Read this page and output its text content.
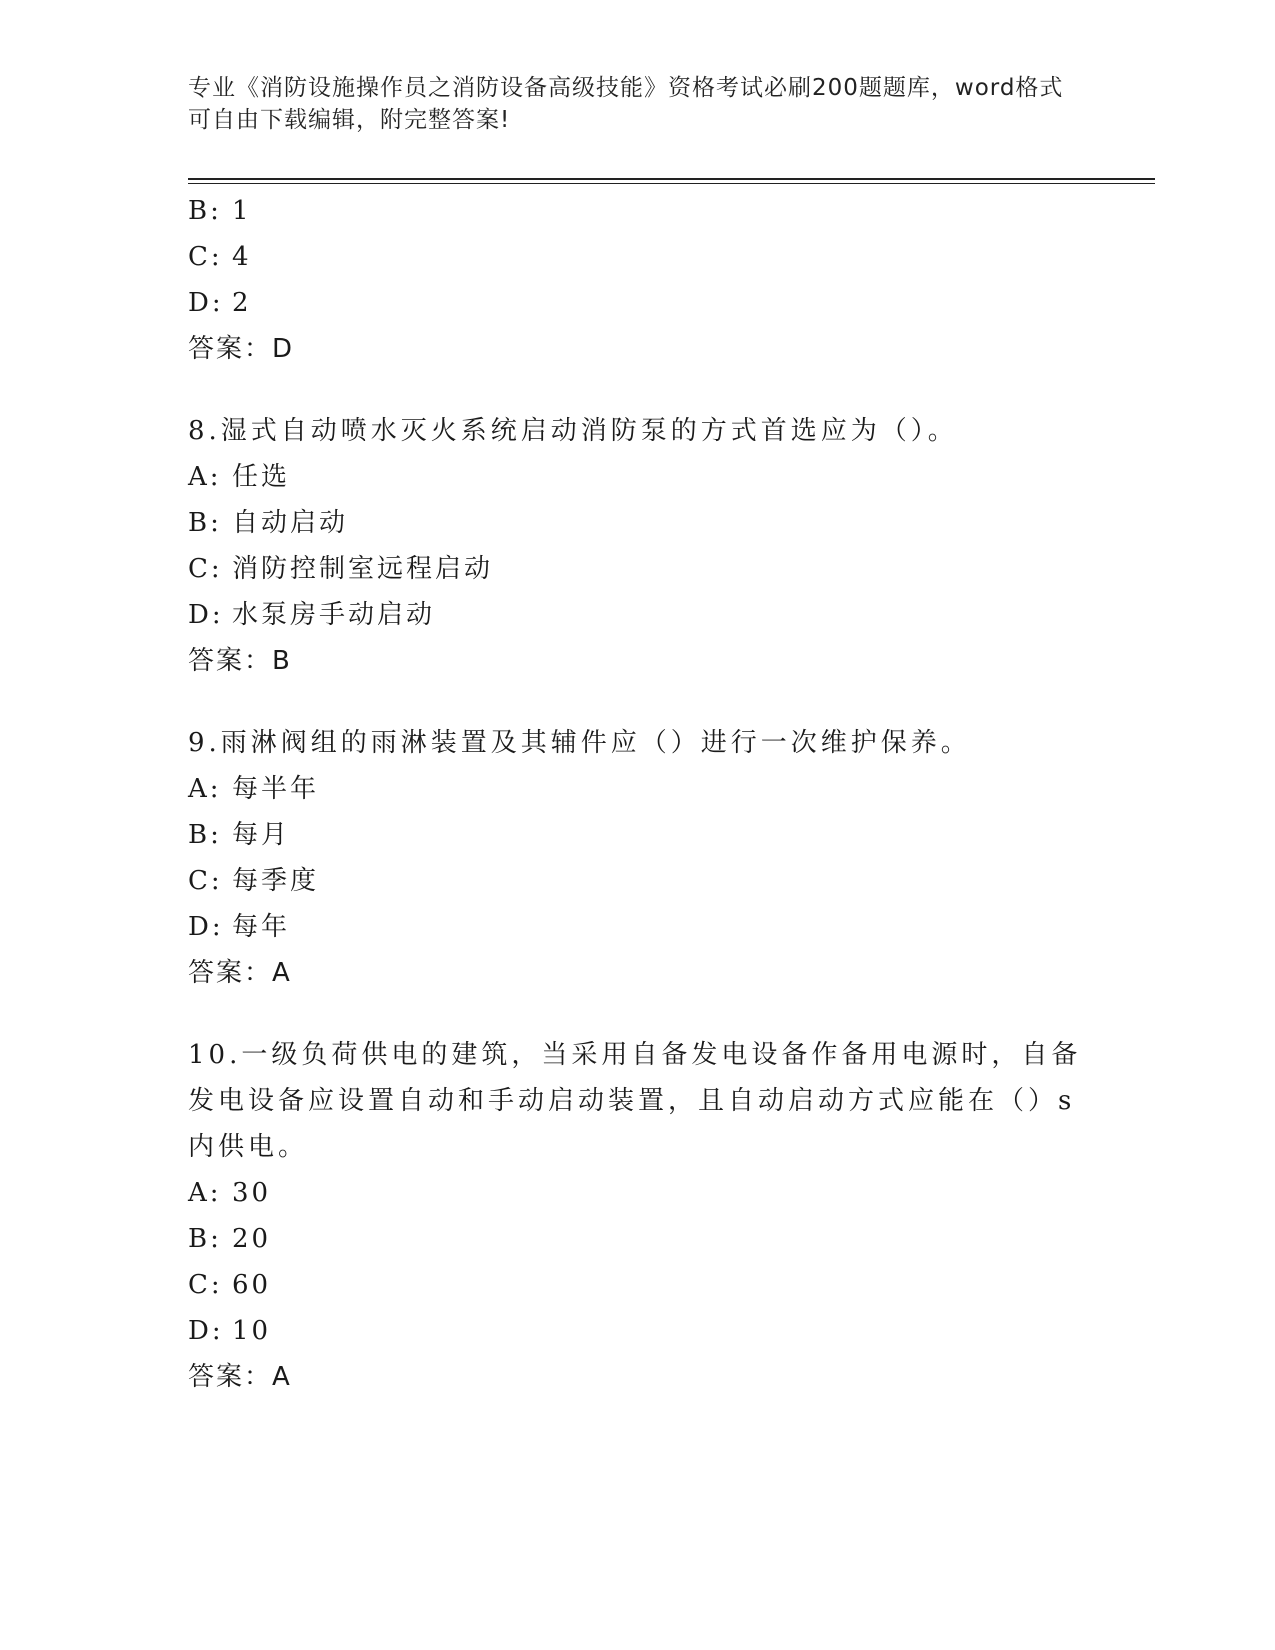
专业《消防设施操作员之消防设备高级技能》资格考试必刷200题题库，word格式可自由下载编辑，附完整答案!
B: 1
C: 4
D: 2
答案：D
8.湿式自动喷水灭火系统启动消防泵的方式首选应为（）。
A: 任选
B: 自动启动
C: 消防控制室远程启动
D: 水泵房手动启动
答案：B
9.雨淋阀组的雨淋装置及其辅件应（）进行一次维护保养。
A: 每半年
B: 每月
C: 每季度
D: 每年
答案：A
10.一级负荷供电的建筑，当采用自备发电设备作备用电源时，自备发电设备应设置自动和手动启动装置，且自动启动方式应能在（）s内供电。
A: 30
B: 20
C: 60
D: 10
答案：A
